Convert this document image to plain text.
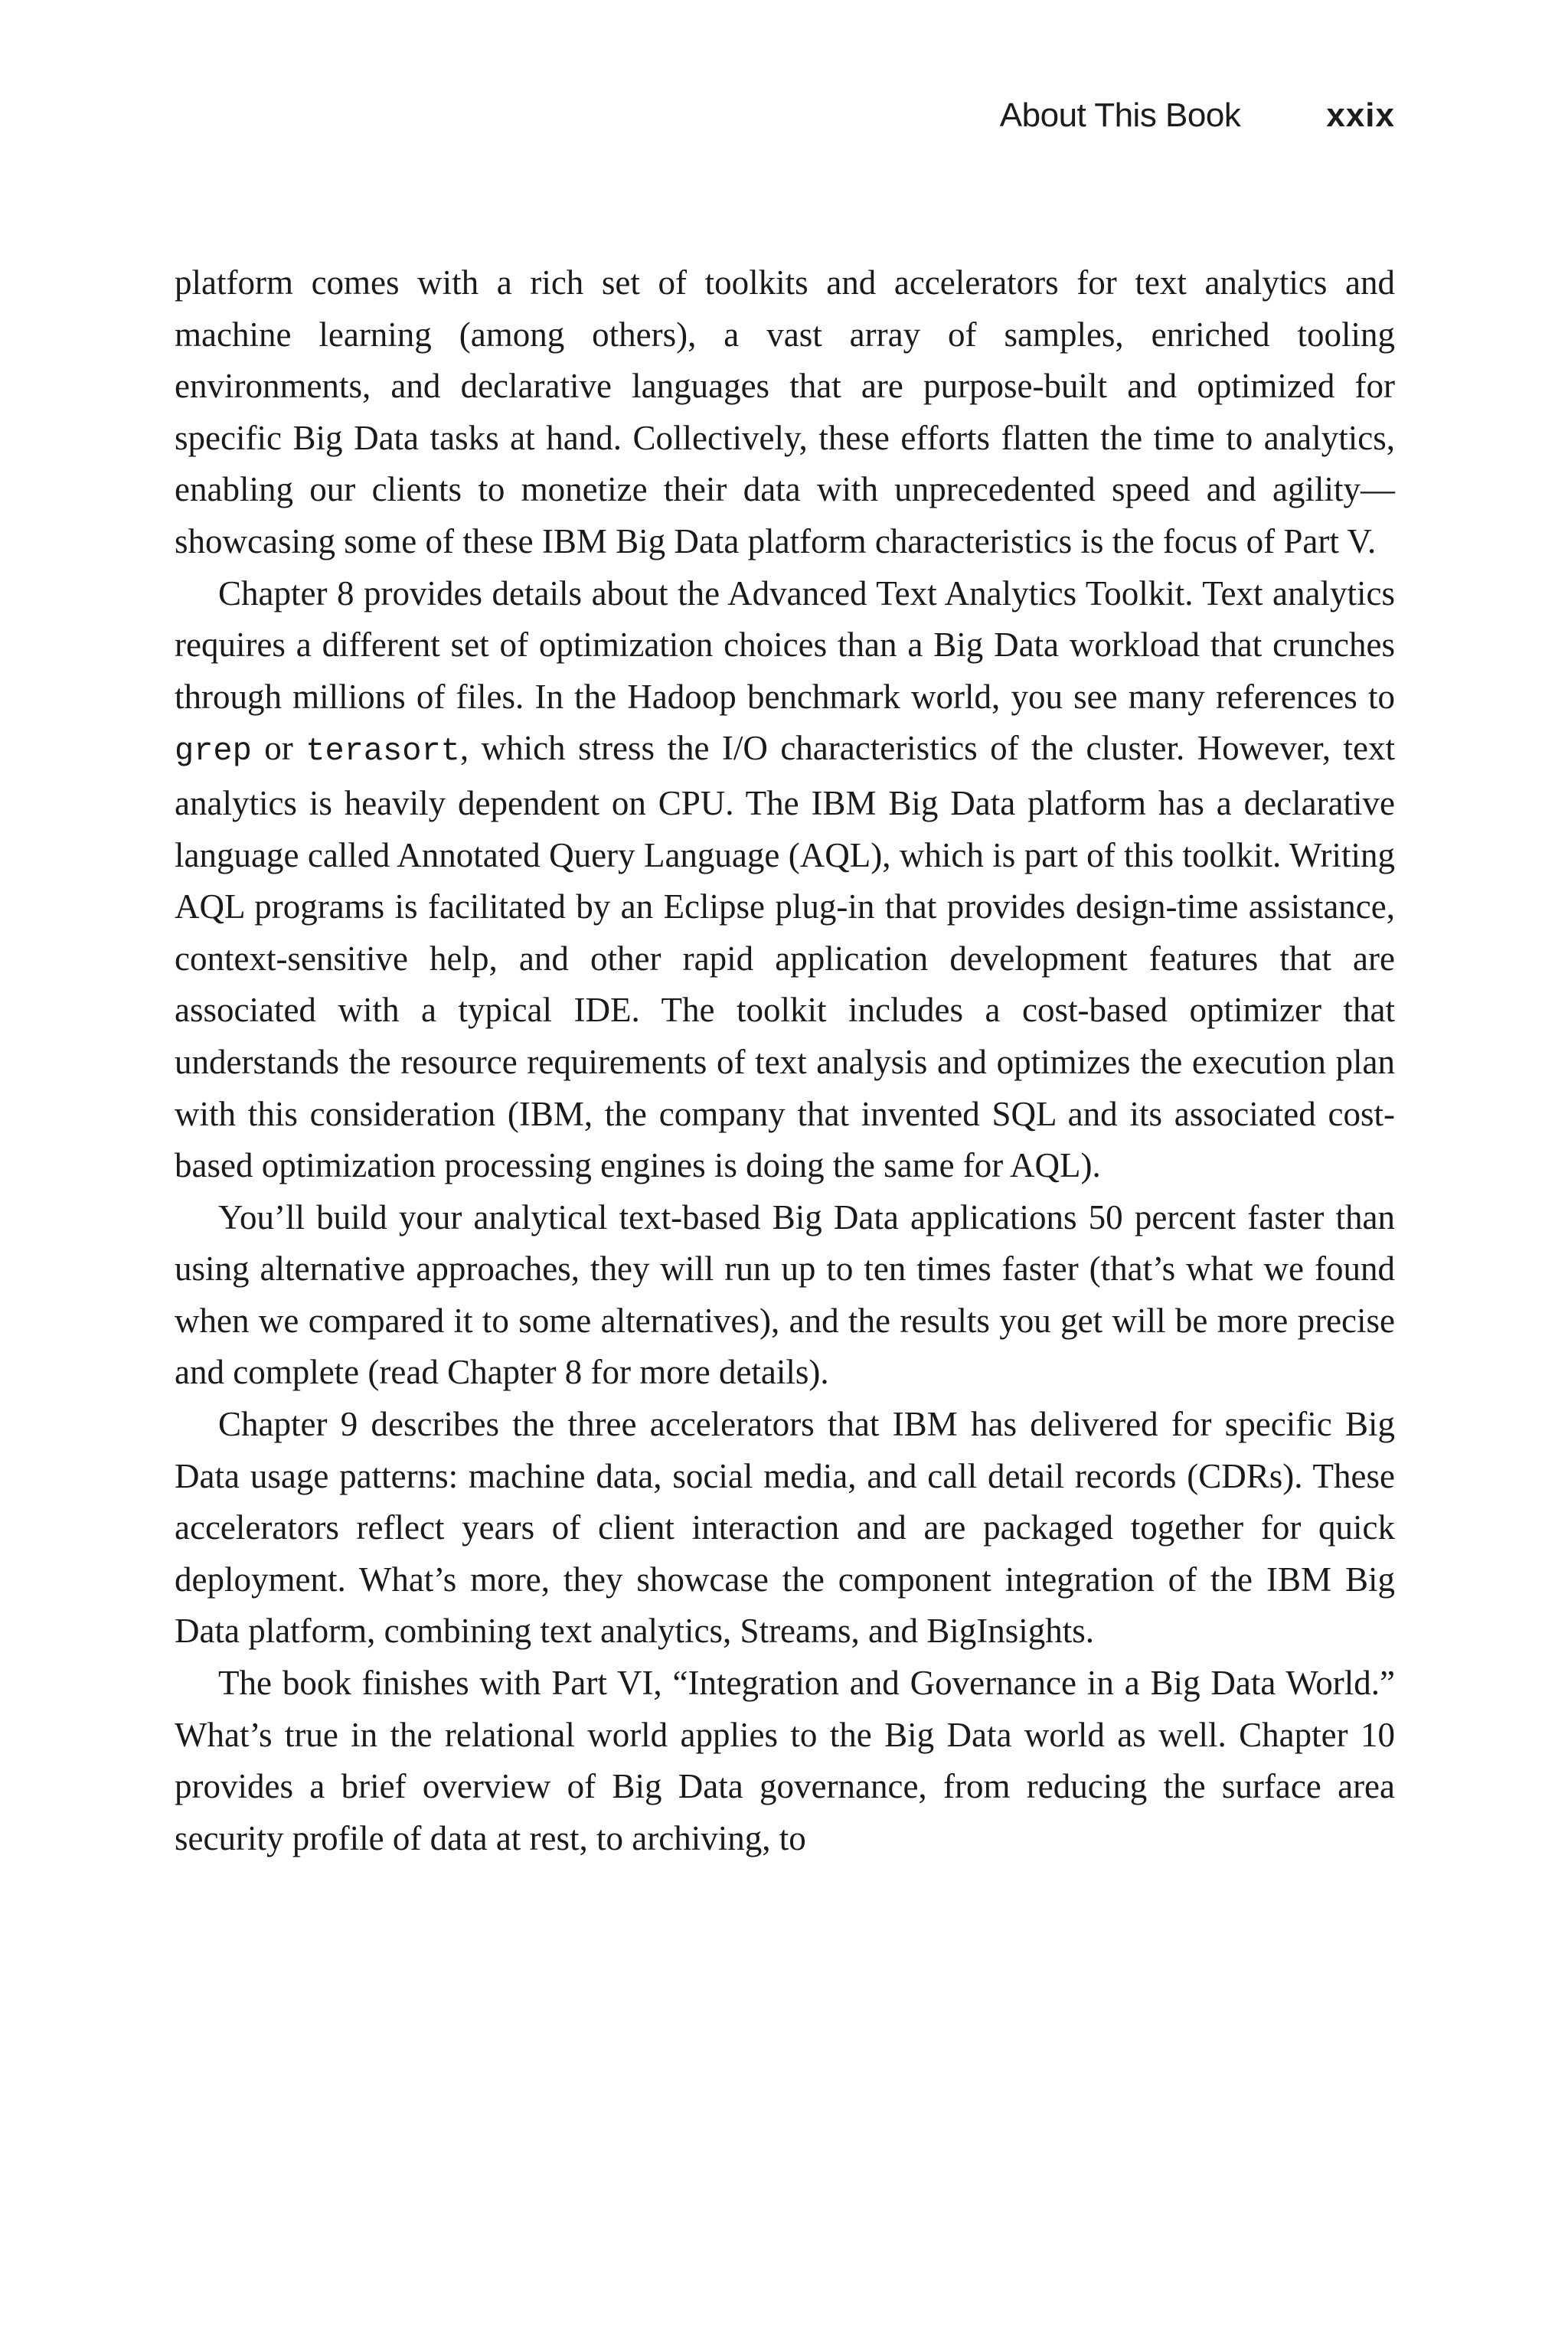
About This Book	xxix

platform comes with a rich set of toolkits and accelerators for text analytics and machine learning (among others), a vast array of samples, enriched tooling environments, and declarative languages that are purpose-built and optimized for specific Big Data tasks at hand. Collectively, these efforts flatten the time to analytics, enabling our clients to monetize their data with unprecedented speed and agility—showcasing some of these IBM Big Data platform characteristics is the focus of Part V.

Chapter 8 provides details about the Advanced Text Analytics Toolkit. Text analytics requires a different set of optimization choices than a Big Data workload that crunches through millions of files. In the Hadoop benchmark world, you see many references to grep or terasort, which stress the I/O characteristics of the cluster. However, text analytics is heavily dependent on CPU. The IBM Big Data platform has a declarative language called Annotated Query Language (AQL), which is part of this toolkit. Writing AQL programs is facilitated by an Eclipse plug-in that provides design-time assistance, context-sensitive help, and other rapid application development features that are associated with a typical IDE. The toolkit includes a cost-based optimizer that understands the resource requirements of text analysis and optimizes the execution plan with this consideration (IBM, the company that invented SQL and its associated cost-based optimization processing engines is doing the same for AQL).

You’ll build your analytical text-based Big Data applications 50 percent faster than using alternative approaches, they will run up to ten times faster (that’s what we found when we compared it to some alternatives), and the results you get will be more precise and complete (read Chapter 8 for more details).

Chapter 9 describes the three accelerators that IBM has delivered for specific Big Data usage patterns: machine data, social media, and call detail records (CDRs). These accelerators reflect years of client interaction and are packaged together for quick deployment. What’s more, they showcase the component integration of the IBM Big Data platform, combining text analytics, Streams, and BigInsights.

The book finishes with Part VI, “Integration and Governance in a Big Data World.” What’s true in the relational world applies to the Big Data world as well. Chapter 10 provides a brief overview of Big Data governance, from reducing the surface area security profile of data at rest, to archiving, to
